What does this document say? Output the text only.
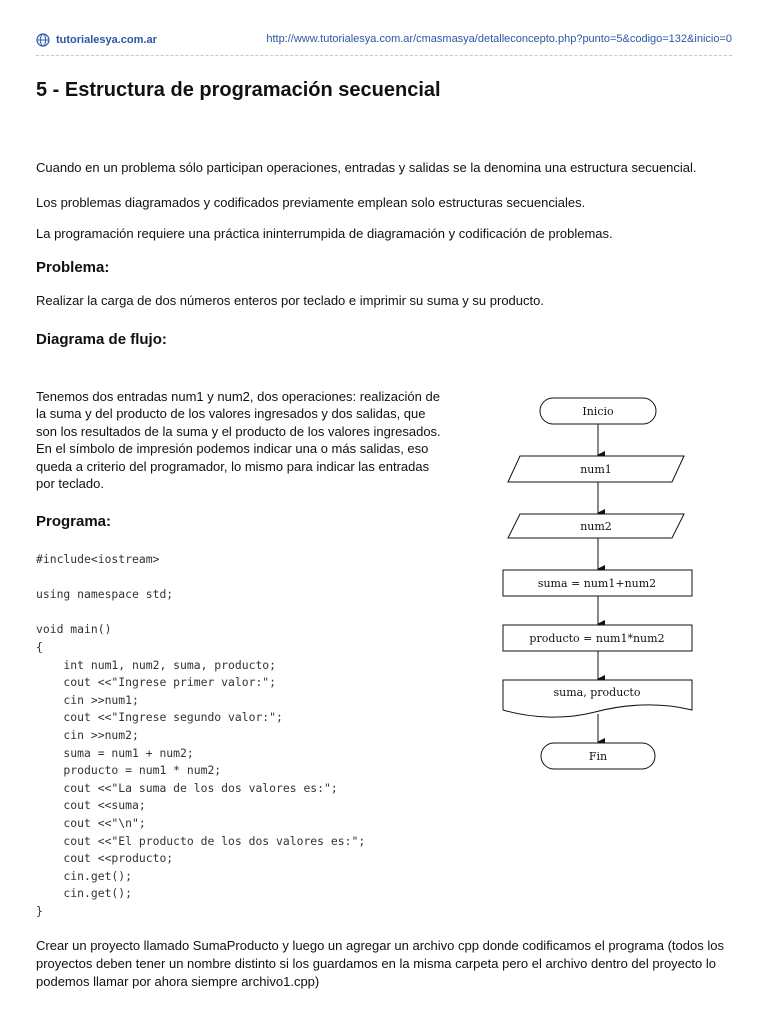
tutorialesya.com.ar	http://www.tutorialesya.com.ar/cmasmasya/detalleconcepto.php?punto=5&codigo=132&inicio=0
5 - Estructura de programación secuencial

Cuando en un problema sólo participan operaciones, entradas y salidas se la denomina una estructura secuencial.

Los problemas diagramados y codificados previamente emplean solo estructuras secuenciales.

La programación requiere una práctica ininterrumpida de diagramación y codificación de problemas.

Problema:

Realizar la carga de dos números enteros por teclado e imprimir su suma y su producto.

Diagrama de flujo:

Tenemos dos entradas num1 y num2, dos operaciones: realización de la suma y del producto de los valores ingresados y dos salidas, que son los resultados de la suma y el producto de los valores ingresados. En el símbolo de impresión podemos indicar una o más salidas, eso queda a criterio del programador, lo mismo para indicar las entradas por teclado.

Programa:
#include<iostream>
using namespace std;
void main()
{
int num1, num2, suma, producto;
cout <<"Ingrese primer valor:";
cin >>num1;
cout <<"Ingrese segundo valor:";
cin >>num2;
suma = num1 + num2;
producto = num1 * num2;
cout <<"La suma de los dos valores es:";
cout <<suma;
cout <<"\n";
cout <<"El producto de los dos valores es:";
cout <<producto;
cin.get();
cin.get();
}
Inicio
num1
num2
suma = num1+num2
producto = num1*num2
suma, producto
Fin

Crear un proyecto llamado SumaProducto y luego un agregar un archivo cpp donde codificamos el programa (todos los proyectos deben tener un nombre distinto si los guardamos en la misma carpeta pero el archivo dentro del proyecto lo podemos llamar por ahora siempre archivo1.cpp)
